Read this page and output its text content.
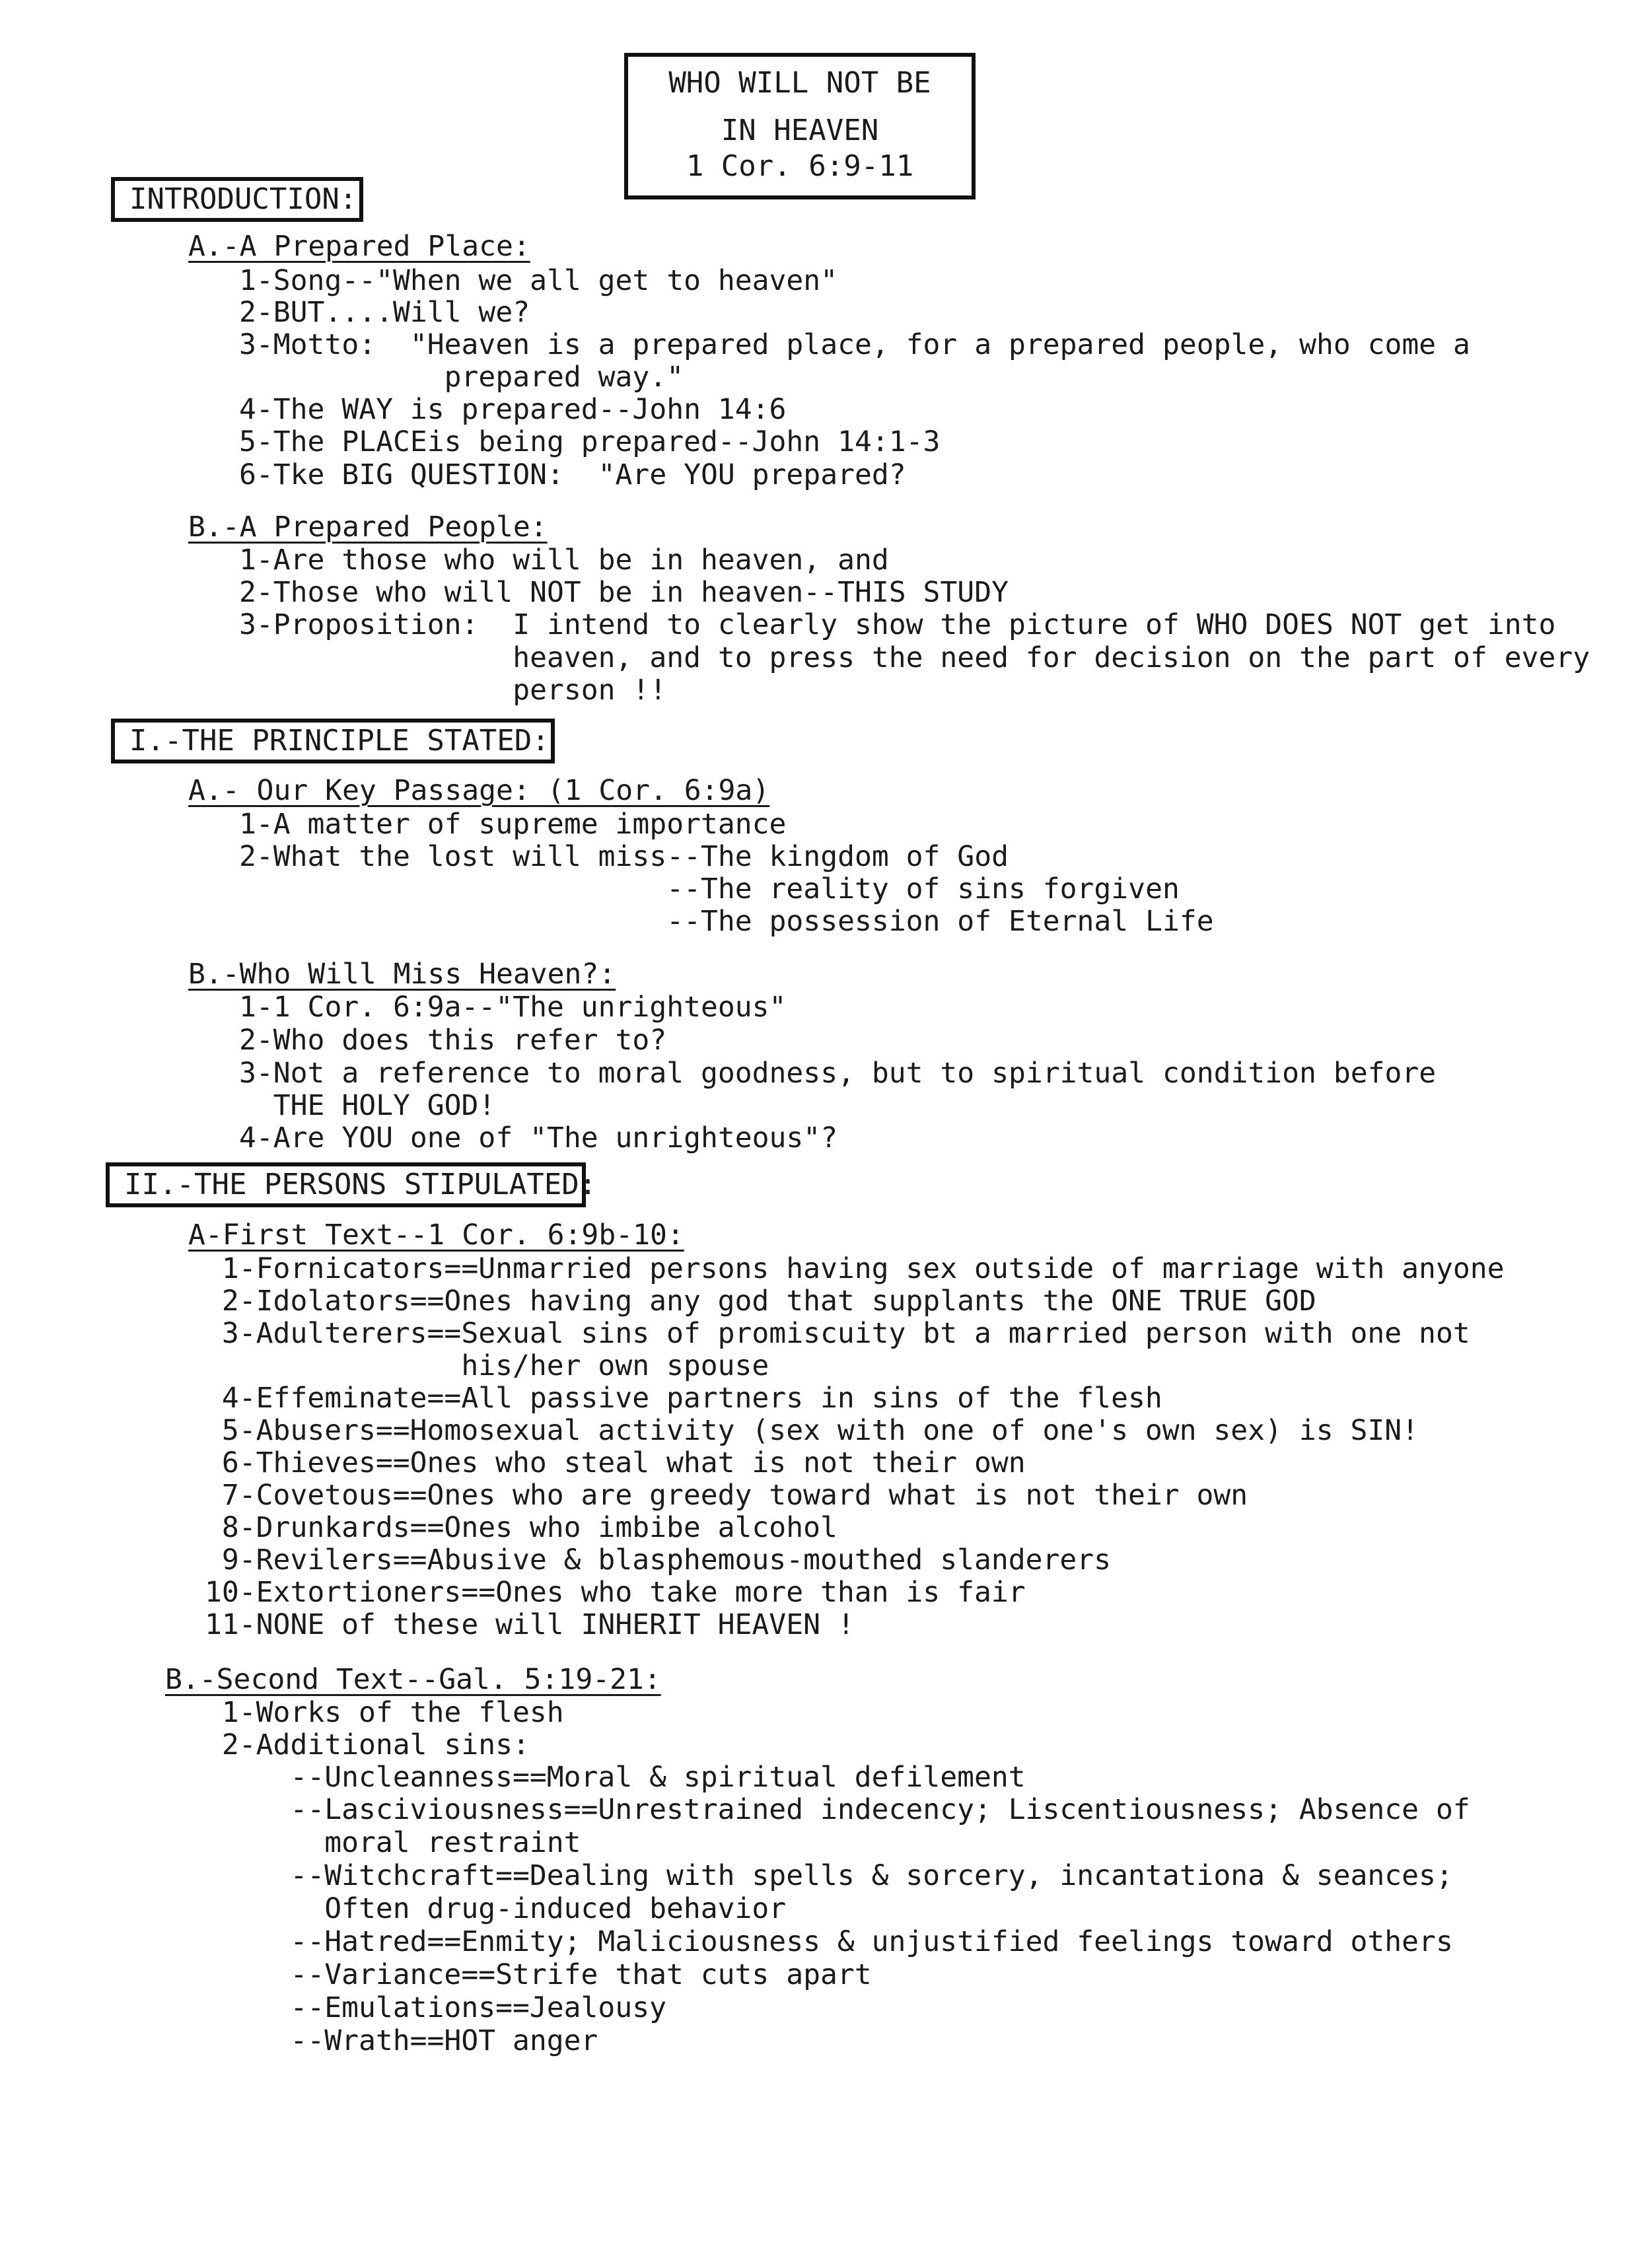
WHO WILL NOT BE
IN HEAVEN
1 Cor. 6:9-11
INTRODUCTION:
A.-A Prepared Place:
1-Song--"When we all get to heaven"
2-BUT....Will we?
3-Motto:  "Heaven is a prepared place, for a prepared people, who come a
prepared way."
4-The WAY is prepared--John 14:6
5-The PLACEis being prepared--John 14:1-3
6-Tke BIG QUESTION:  "Are YOU prepared?
B.-A Prepared People:
1-Are those who will be in heaven, and
2-Those who will NOT be in heaven--THIS STUDY
3-Proposition:  I intend to clearly show the picture of WHO DOES NOT get into
heaven, and to press the need for decision on the part of every
person !!
I.-THE PRINCIPLE STATED:
A.- Our Key Passage: (1 Cor. 6:9a)
1-A matter of supreme importance
2-What the lost will miss--The kingdom of God
--The reality of sins forgiven
--The possession of Eternal Life
B.-Who Will Miss Heaven?:
1-1 Cor. 6:9a--"The unrighteous"
2-Who does this refer to?
3-Not a reference to moral goodness, but to spiritual condition before
THE HOLY GOD!
4-Are YOU one of "The unrighteous"?
II.-THE PERSONS STIPULATED:
A-First Text--1 Cor. 6:9b-10:
1-Fornicators==Unmarried persons having sex outside of marriage with anyone
2-Idolators==Ones having any god that supplants the ONE TRUE GOD
3-Adulterers==Sexual sins of promiscuity bt a married person with one not
his/her own spouse
4-Effeminate==All passive partners in sins of the flesh
5-Abusers==Homosexual activity (sex with one of one's own sex) is SIN!
6-Thieves==Ones who steal what is not their own
7-Covetous==Ones who are greedy toward what is not their own
8-Drunkards==Ones who imbibe alcohol
9-Revilers==Abusive & blasphemous-mouthed slanderers
10-Extortioners==Ones who take more than is fair
11-NONE of these will INHERIT HEAVEN !
B.-Second Text--Gal. 5:19-21:
1-Works of the flesh
2-Additional sins:
--Uncleanness==Moral & spiritual defilement
--Lasciviousness==Unrestrained indecency; Liscentiousness; Absence of
moral restraint
--Witchcraft==Dealing with spells & sorcery, incantationa & seances;
Often drug-induced behavior
--Hatred==Enmity; Maliciousness & unjustified feelings toward others
--Variance==Strife that cuts apart
--Emulations==Jealousy
--Wrath==HOT anger
